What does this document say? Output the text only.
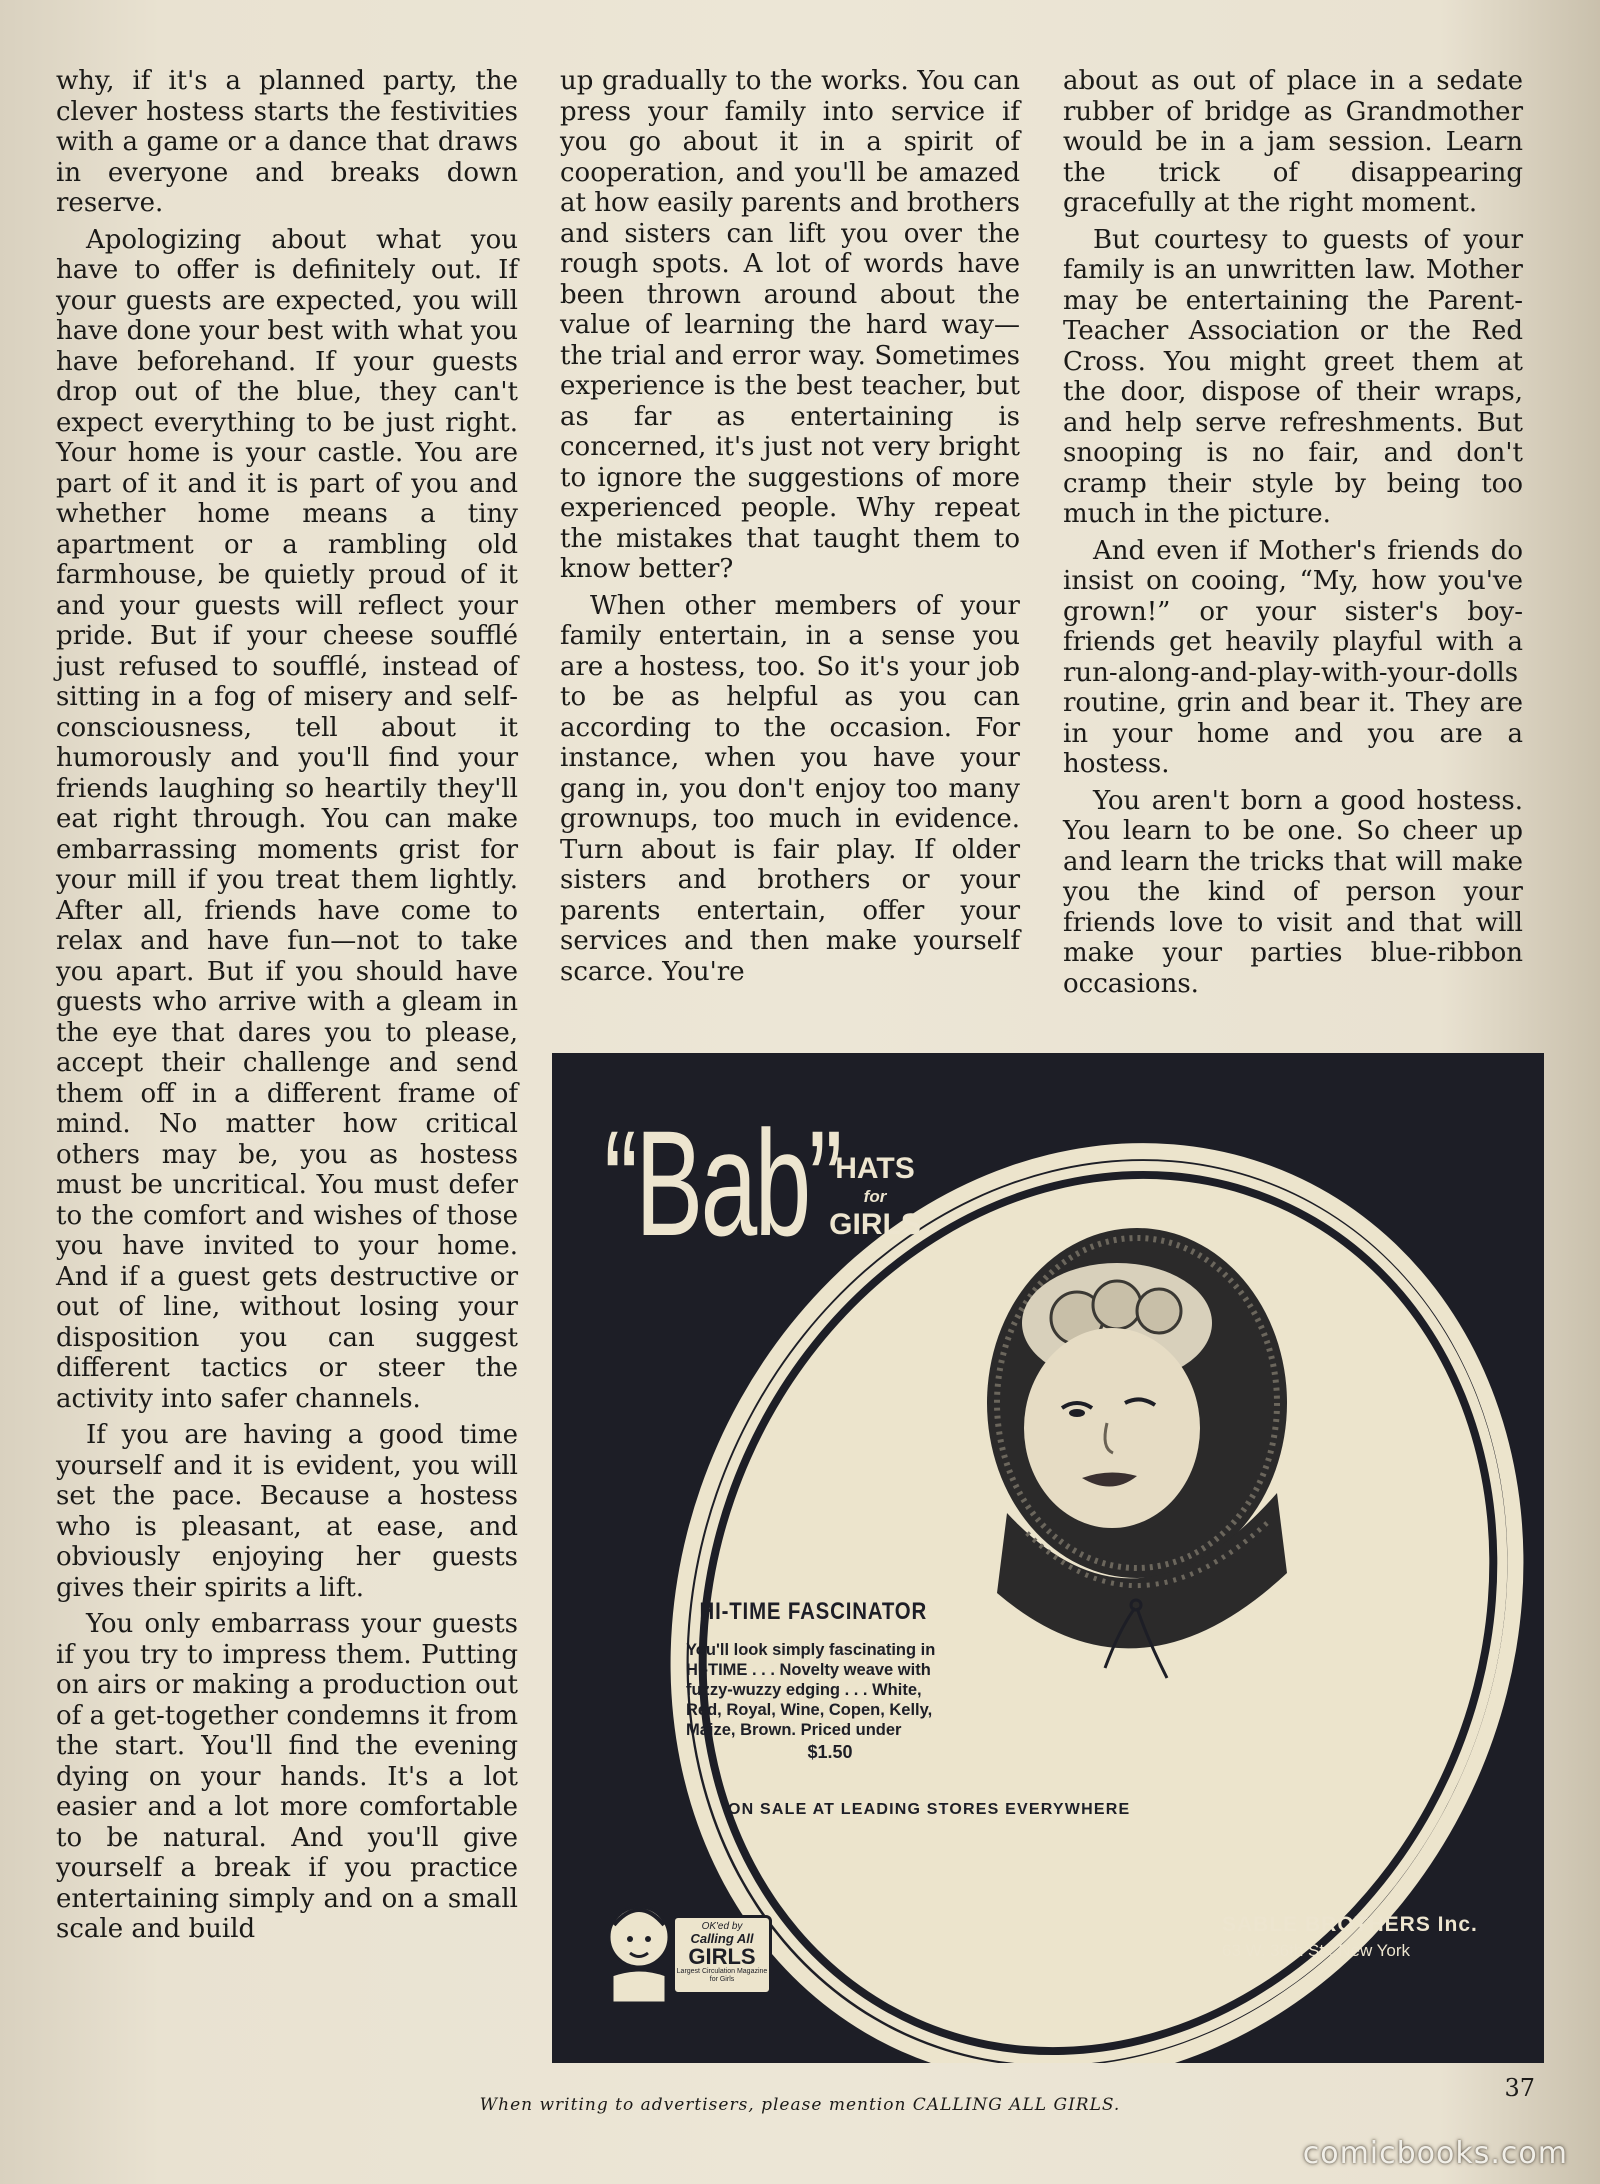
why, if it's a planned party, the clever hostess starts the festivities with a game or a dance that draws in everyone and breaks down reserve.

Apologizing about what you have to offer is definitely out. If your guests are expected, you will have done your best with what you have beforehand. If your guests drop out of the blue, they can't expect everything to be just right. Your home is your castle. You are part of it and it is part of you and whether home means a tiny apartment or a rambling old farmhouse, be quietly proud of it and your guests will reflect your pride. But if your cheese soufflé just refused to soufflé, instead of sitting in a fog of misery and self-consciousness, tell about it humorously and you'll find your friends laughing so heartily they'll eat right through. You can make embarrassing moments grist for your mill if you treat them lightly. After all, friends have come to relax and have fun—not to take you apart. But if you should have guests who arrive with a gleam in the eye that dares you to please, accept their challenge and send them off in a different frame of mind. No matter how critical others may be, you as hostess must be uncritical. You must defer to the comfort and wishes of those you have invited to your home. And if a guest gets destructive or out of line, without losing your disposition you can suggest different tactics or steer the activity into safer channels.

If you are having a good time yourself and it is evident, you will set the pace. Because a hostess who is pleasant, at ease, and obviously enjoying her guests gives their spirits a lift.

You only embarrass your guests if you try to impress them. Putting on airs or making a production out of a get-together condemns it from the start. You'll find the evening dying on your hands. It's a lot easier and a lot more comfortable to be natural. And you'll give yourself a break if you practice entertaining simply and on a small scale and build

up gradually to the works. You can press your family into service if you go about it in a spirit of cooperation, and you'll be amazed at how easily parents and brothers and sisters can lift you over the rough spots. A lot of words have been thrown around about the value of learning the hard way—the trial and error way. Sometimes experience is the best teacher, but as far as entertaining is concerned, it's just not very bright to ignore the suggestions of more experienced people. Why repeat the mistakes that taught them to know better?

When other members of your family entertain, in a sense you are a hostess, too. So it's your job to be as helpful as you can according to the occasion. For instance, when you have your gang in, you don't enjoy too many grownups, too much in evidence. Turn about is fair play. If older sisters and brothers or your parents entertain, offer your services and then make yourself scarce. You're

about as out of place in a sedate rubber of bridge as Grandmother would be in a jam session. Learn the trick of disappearing gracefully at the right moment.

But courtesy to guests of your family is an unwritten law. Mother may be entertaining the Parent-Teacher Association or the Red Cross. You might greet them at the door, dispose of their wraps, and help serve refreshments. But snooping is no fair, and don't cramp their style by being too much in the picture.

And even if Mother's friends do insist on cooing, “My, how you've grown!” or your sister's boy-friends get heavily playful with a run-along-and-play-with-your-dolls routine, grin and bear it. They are in your home and you are a hostess.

You aren't born a good hostess. You learn to be one. So cheer up and learn the tricks that will make you the kind of person your friends love to visit and that will make your parties blue-ribbon occasions.

“Bab”
HATS
for
GIRLS
HI-TIME FASCINATOR
You'll look simply fascinating in HI-TIME . . . Novelty weave with fuzzy-wuzzy edging . . . White, Red, Royal, Wine, Copen, Kelly, Maize, Brown. Priced under
$1.50
ON SALE AT LEADING STORES EVERYWHERE
OK'ed by
Calling All
GIRLS
Largest Circulation Magazine for Girls
SABLE BROTHERS Inc.
63 W. 36th St., New York
37
When writing to advertisers, please mention CALLING ALL GIRLS.
comicbooks.com
